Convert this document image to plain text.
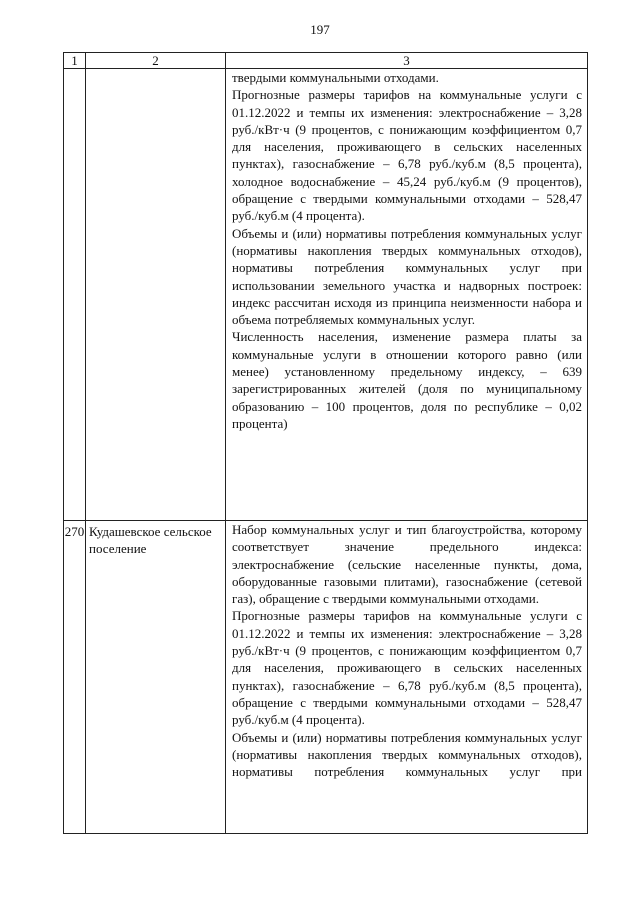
197
1	2	3

		твердыми коммунальными отходами.

Прогнозные размеры тарифов на коммунальные услуги с 01.12.2022 и темпы их изменения: электроснабжение – 3,28 руб./кВт·ч (9 процентов, с понижающим коэффициентом 0,7 для населения, проживающего в сельских населенных пунктах), газоснабжение – 6,78 руб./куб.м (8,5 процента), холодное водоснабжение – 45,24 руб./куб.м (9 процентов), обращение с твердыми коммунальными отходами – 528,47 руб./куб.м (4 процента).

Объемы и (или) нормативы потребления коммунальных услуг (нормативы накопления твердых коммунальных отходов), нормативы потребления коммунальных услуг при использовании земельного участка и надворных построек: индекс рассчитан исходя из принципа неизменности набора и объема потребляемых коммунальных услуг.

Численность населения, изменение размера платы за коммунальные услуги в отношении которого равно (или менее) установленному предельному индексу, – 639 зарегистрированных жителей (доля по муниципальному образованию – 100 процентов, доля по республике – 0,02 процента)

270	Кудашевское сельское поселение	Набор коммунальных услуг и тип благоустройства, которому соответствует значение предельного индекса: электроснабжение (сельские населенные пункты, дома, оборудованные газовыми плитами), газоснабжение (сетевой газ), обращение с твердыми коммунальными отходами.

Прогнозные размеры тарифов на коммунальные услуги с 01.12.2022 и темпы их изменения: электроснабжение – 3,28 руб./кВт·ч (9 процентов, с понижающим коэффициентом 0,7 для населения, проживающего в сельских населенных пунктах), газоснабжение – 6,78 руб./куб.м (8,5 процента), обращение с твердыми коммунальными отходами – 528,47 руб./куб.м (4 процента).

Объемы и (или) нормативы потребления коммунальных услуг (нормативы накопления твердых коммунальных отходов), нормативы потребления коммунальных услуг при
